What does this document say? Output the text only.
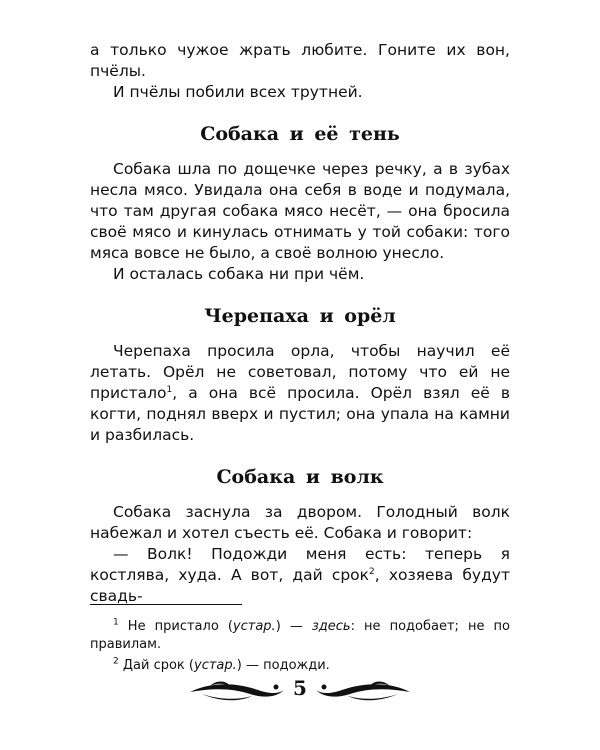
а только чужое жрать любите. Гоните их вон, пчёлы.

И пчёлы побили всех трутней.

Собака и её тень

Собака шла по дощечке через речку, а в зубах несла мясо. Увидала она себя в воде и подумала, что там другая собака мясо несёт, — она бросила своё мясо и кинулась отнимать у той собаки: того мяса вовсе не было, а своё волною унесло.

И осталась собака ни при чём.

Черепаха и орёл

Черепаха просила орла, чтобы научил её летать. Орёл не советовал, потому что ей не пристало$^1$, а она всё просила. Орёл взял её в когти, поднял вверх и пустил; она упала на камни и разбилась.

Собака и волк

Собака заснула за двором. Голодный волк набежал и хотел съесть её. Собака и говорит:

— Волк! Подожди меня есть: теперь я костлява, худа. А вот, дай срок$^2$, хозяева будут свадь-

$^1$ Не пристало (устар.) — здесь: не подобает; не по правилам.

$^2$ Дай срок (устар.) — подожди.

5
